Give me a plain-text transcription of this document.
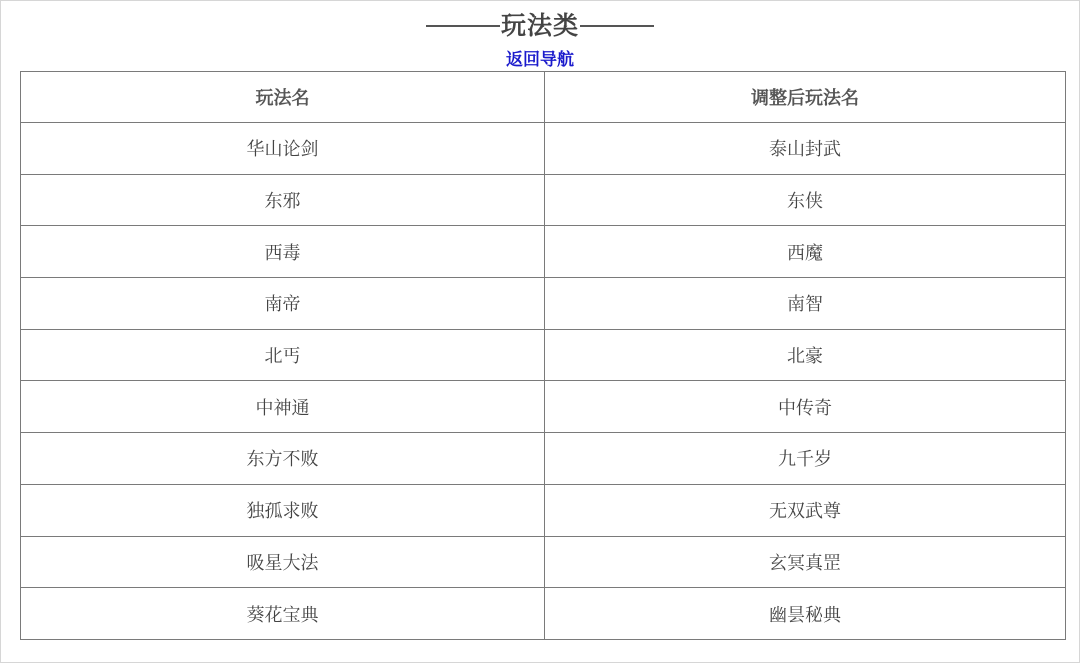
玩法类
返回导航
玩法名	调整后玩法名
华山论剑	泰山封武
东邪	东侠
西毒	西魔
南帝	南智
北丐	北豪
中神通	中传奇
东方不败	九千岁
独孤求败	无双武尊
吸星大法	玄冥真罡
葵花宝典	幽昙秘典
